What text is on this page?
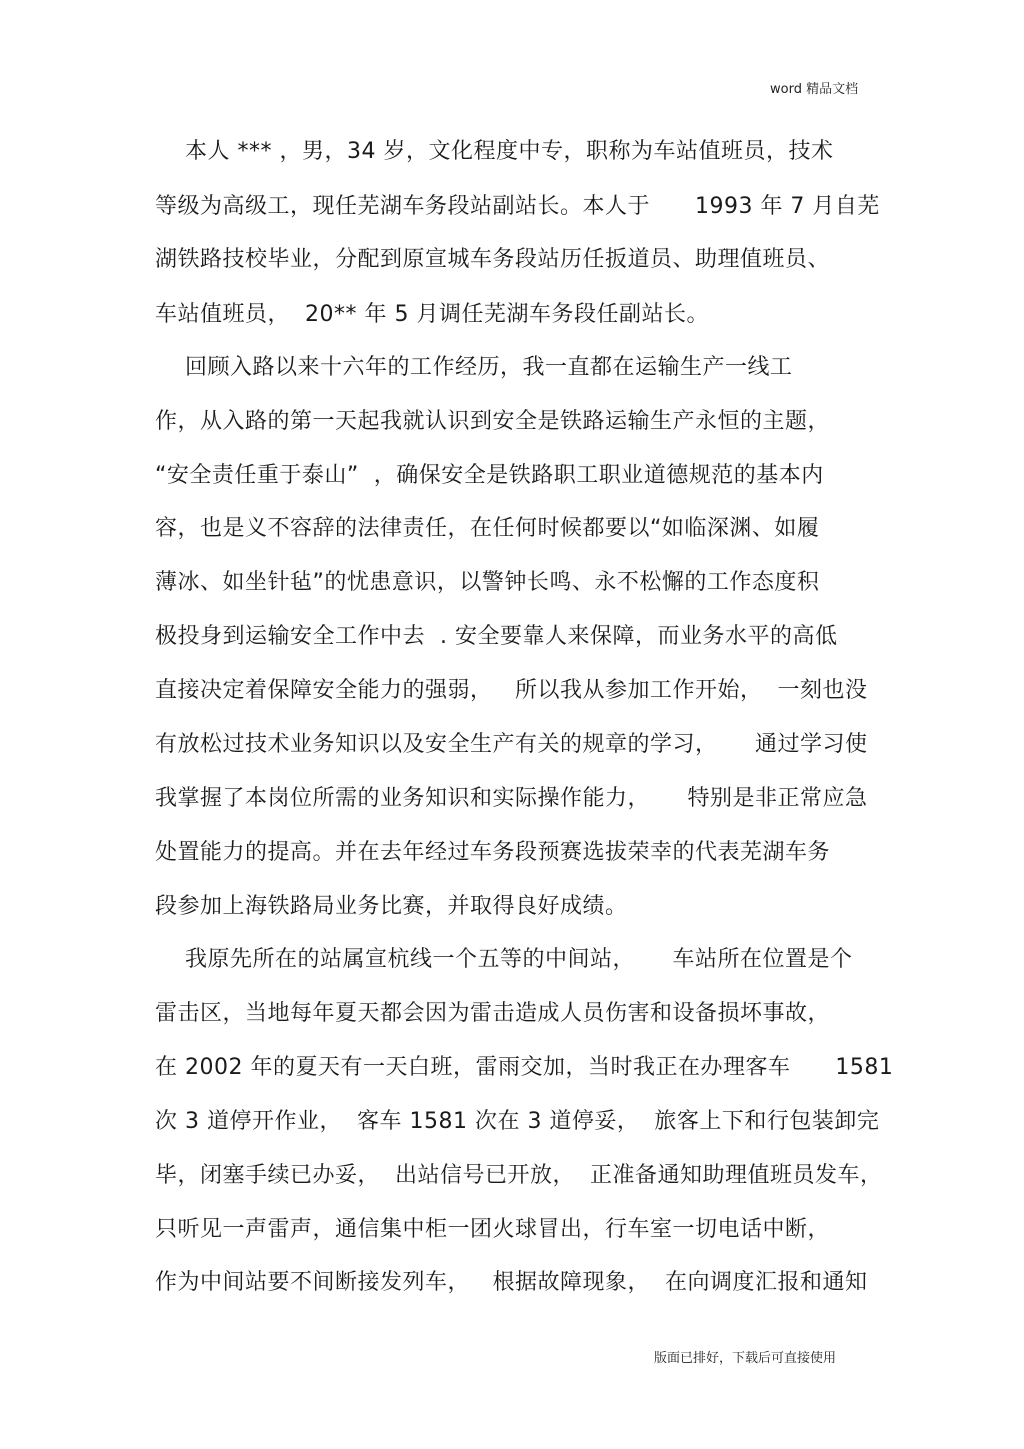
word 精品文档
本人 *** ，男，34 岁，文化程度中专，职称为车站值班员，技术
等级为高级工，现任芜湖车务段站副站长。本人于      1993 年 7 月自芜
湖铁路技校毕业，分配到原宣城车务段站历任扳道员、助理值班员、
车站值班员，  20** 年 5 月调任芜湖车务段任副站长。
回顾入路以来十六年的工作经历，我一直都在运输生产一线工
作，从入路的第一天起我就认识到安全是铁路运输生产永恒的主题，
“安全责任重于泰山”  ，确保安全是铁路职工职业道德规范的基本内
容，也是义不容辞的法律责任，在任何时候都要以“如临深渊、如履
薄冰、如坐针毡”的忧患意识，以警钟长鸣、永不松懈的工作态度积
极投身到运输安全工作中去  . 安全要靠人来保障，而业务水平的高低
直接决定着保障安全能力的强弱，   所以我从参加工作开始，  一刻也没
有放松过技术业务知识以及安全生产有关的规章的学习，     通过学习使
我掌握了本岗位所需的业务知识和实际操作能力，     特别是非正常应急
处置能力的提高。并在去年经过车务段预赛选拔荣幸的代表芜湖车务
段参加上海铁路局业务比赛，并取得良好成绩。
我原先所在的站属宣杭线一个五等的中间站，     车站所在位置是个
雷击区，当地每年夏天都会因为雷击造成人员伤害和设备损坏事故，
在 2002 年的夏天有一天白班，雷雨交加，当时我正在办理客车      1581
次 3 道停开作业，  客车 1581 次在 3 道停妥，  旅客上下和行包装卸完
毕，闭塞手续已办妥，  出站信号已开放，  正准备通知助理值班员发车，
只听见一声雷声，通信集中柜一团火球冒出，行车室一切电话中断，
作为中间站要不间断接发列车，   根据故障现象，  在向调度汇报和通知
版面已排好，下载后可直接使用
